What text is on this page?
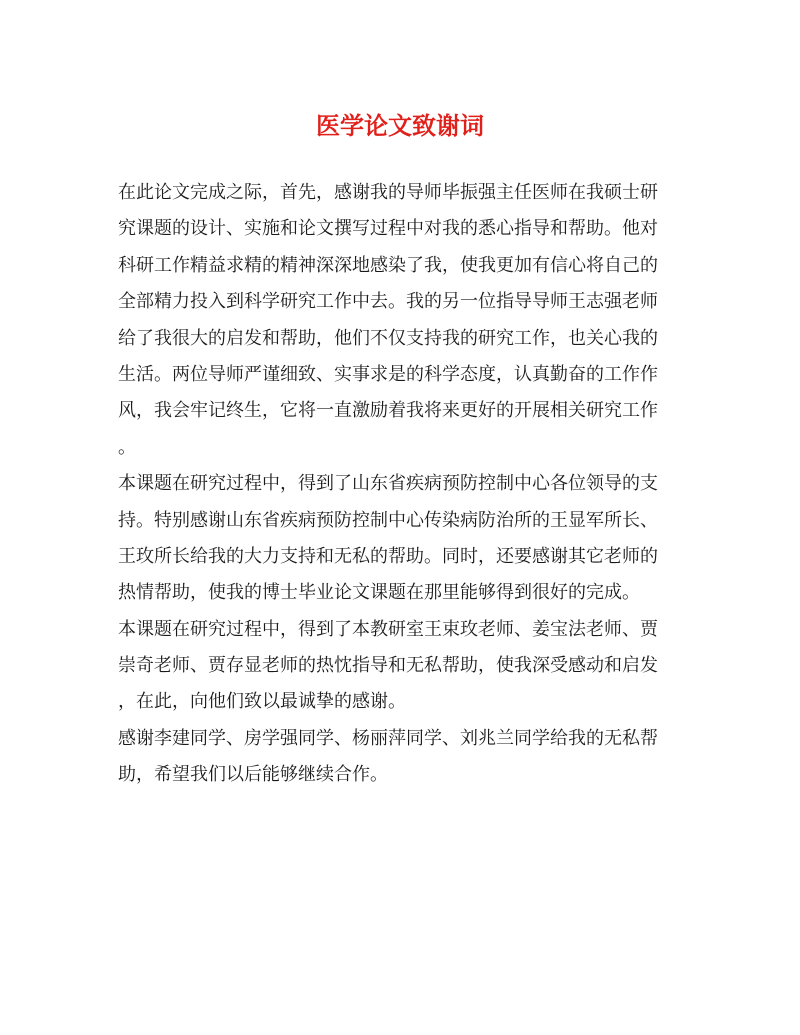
医学论文致谢词
在此论文完成之际，首先，感谢我的导师毕振强主任医师在我硕士研
究课题的设计、实施和论文撰写过程中对我的悉心指导和帮助。他对
科研工作精益求精的精神深深地感染了我，使我更加有信心将自己的
全部精力投入到科学研究工作中去。我的另一位指导导师王志强老师
给了我很大的启发和帮助，他们不仅支持我的研究工作，也关心我的
生活。两位导师严谨细致、实事求是的科学态度，认真勤奋的工作作
风，我会牢记终生，它将一直激励着我将来更好的开展相关研究工作
。
本课题在研究过程中，得到了山东省疾病预防控制中心各位领导的支
持。特别感谢山东省疾病预防控制中心传染病防治所的王显军所长、
王玫所长给我的大力支持和无私的帮助。同时，还要感谢其它老师的
热情帮助，使我的博士毕业论文课题在那里能够得到很好的完成。
本课题在研究过程中，得到了本教研室王束玫老师、姜宝法老师、贾
崇奇老师、贾存显老师的热忱指导和无私帮助，使我深受感动和启发
，在此，向他们致以最诚挚的感谢。
感谢李建同学、房学强同学、杨丽萍同学、刘兆兰同学给我的无私帮
助，希望我们以后能够继续合作。
